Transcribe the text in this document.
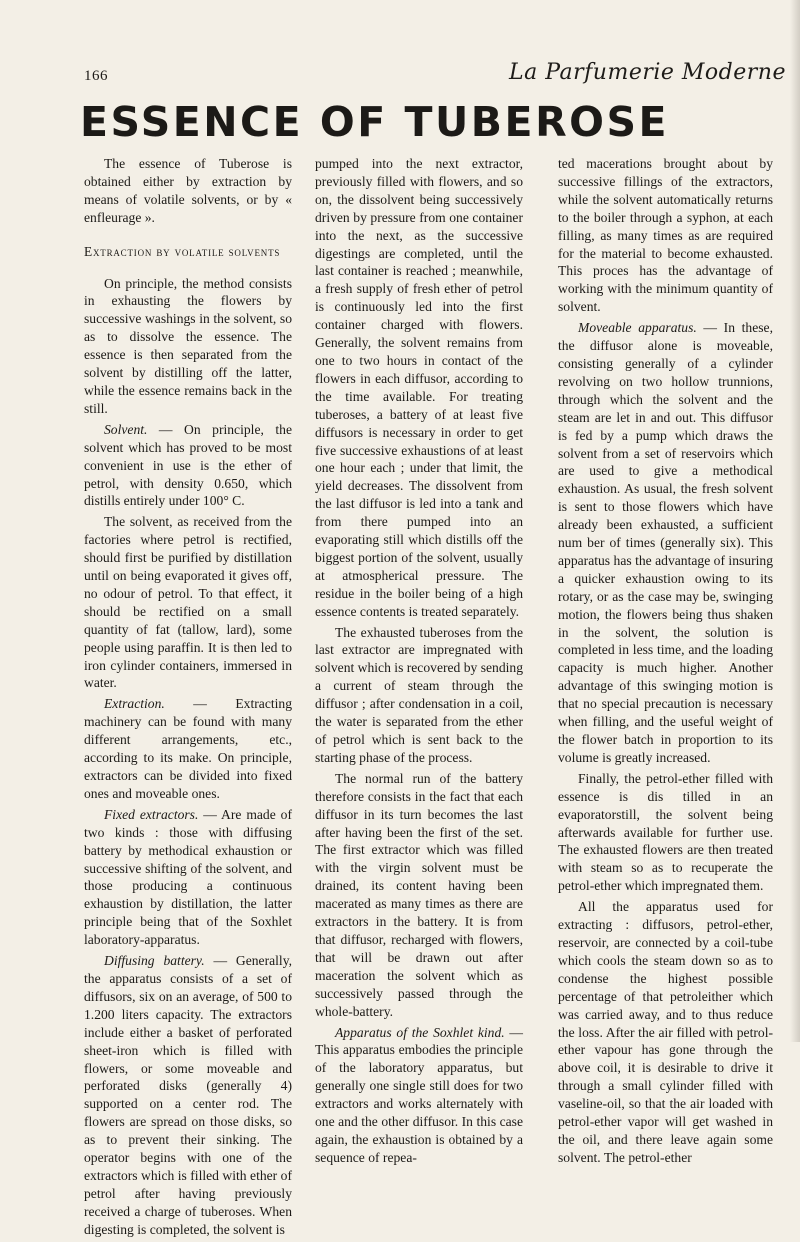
166	La Parfumerie Moderne
ESSENCE OF TUBEROSE

The essence of Tuberose is obtained either by extraction by means of volatile solvents, or by « enfleurage ».

Extraction by volatile solvents

On principle, the method consists in exhausting the flowers by successive washings in the solvent, so as to dissolve the essence. The essence is then separated from the solvent by distilling off the latter, while the essence remains back in the still.

Solvent. — On principle, the solvent which has proved to be most convenient in use is the ether of petrol, with density 0.650, which distills entirely under 100° C.

The solvent, as received from the factories where petrol is rectified, should first be purified by distillation until on being evaporated it gives off, no odour of petrol. To that effect, it should be rectified on a small quantity of fat (tallow, lard), some people using paraffin. It is then led to iron cylinder containers, immersed in water.

Extraction. — Extracting machinery can be found with many different arrangements, etc., according to its make. On principle, extractors can be divided into fixed ones and moveable ones.

Fixed extractors. — Are made of two kinds : those with diffusing battery by methodical exhaustion or successive shifting of the solvent, and those producing a continuous exhaustion by distillation, the latter principle being that of the Soxhlet laboratory-apparatus.

Diffusing battery. — Generally, the apparatus consists of a set of diffusors, six on an average, of 500 to 1.200 liters capacity. The extractors include either a basket of perforated sheet-iron which is filled with flowers, or some moveable and perforated disks (generally 4) supported on a center rod. The flowers are spread on those disks, so as to prevent their sinking. The operator begins with one of the extractors which is filled with ether of petrol after having previously received a charge of tuberoses. When digesting is completed, the solvent is

pumped into the next extractor, previously filled with flowers, and so on, the dissolvent being successively driven by pressure from one container into the next, as the successive digestings are completed, until the last container is reached ; meanwhile, a fresh supply of fresh ether of petrol is continuously led into the first container charged with flowers. Generally, the solvent remains from one to two hours in contact of the flowers in each diffusor, according to the time available. For treating tuberoses, a battery of at least five diffusors is necessary in order to get five successive exhaustions of at least one hour each ; under that limit, the yield decreases. The dissolvent from the last diffusor is led into a tank and from there pumped into an evaporating still which distills off the biggest portion of the solvent, usually at atmospherical pressure. The residue in the boiler being of a high essence contents is treated separately.

The exhausted tuberoses from the last extractor are impregnated with solvent which is recovered by sending a current of steam through the diffusor ; after condensation in a coil, the water is separated from the ether of petrol which is sent back to the starting phase of the process.

The normal run of the battery therefore consists in the fact that each diffusor in its turn becomes the last after having been the first of the set. The first extractor which was filled with the virgin solvent must be drained, its content having been macerated as many times as there are extractors in the battery. It is from that diffusor, recharged with flowers, that will be drawn out after maceration the solvent which as successively passed through the whole-battery.

Apparatus of the Soxhlet kind. — This apparatus embodies the principle of the laboratory apparatus, but generally one single still does for two extractors and works alternately with one and the other diffusor. In this case again, the exhaustion is obtained by a sequence of repea-

ted macerations brought about by successive fillings of the extractors, while the solvent automatically returns to the boiler through a syphon, at each filling, as many times as are required for the material to become exhausted. This proces has the advantage of working with the minimum quantity of solvent.

Moveable apparatus. — In these, the diffusor alone is moveable, consisting generally of a cylinder revolving on two hollow trunnions, through which the solvent and the steam are let in and out. This diffusor is fed by a pump which draws the solvent from a set of reservoirs which are used to give a methodical exhaustion. As usual, the fresh solvent is sent to those flowers which have already been exhausted, a sufficient num ber of times (generally six). This apparatus has the advantage of insuring a quicker exhaustion owing to its rotary, or as the case may be, swinging motion, the flowers being thus shaken in the solvent, the solution is completed in less time, and the loading capacity is much higher. Another advantage of this swinging motion is that no special precaution is necessary when filling, and the useful weight of the flower batch in proportion to its volume is greatly increased.

Finally, the petrol-ether filled with essence is dis tilled in an evaporatorstill, the solvent being afterwards available for further use. The exhausted flowers are then treated with steam so as to recuperate the petrol-ether which impregnated them.

All the apparatus used for extracting : diffusors, petrol-ether, reservoir, are connected by a coil-tube which cools the steam down so as to condense the highest possible percentage of that petroleither which was carried away, and to thus reduce the loss. After the air filled with petrol-ether vapour has gone through the above coil, it is desirable to drive it through a small cylinder filled with vaseline-oil, so that the air loaded with petrol-ether vapor will get washed in the oil, and there leave again some solvent. The petrol-ether
